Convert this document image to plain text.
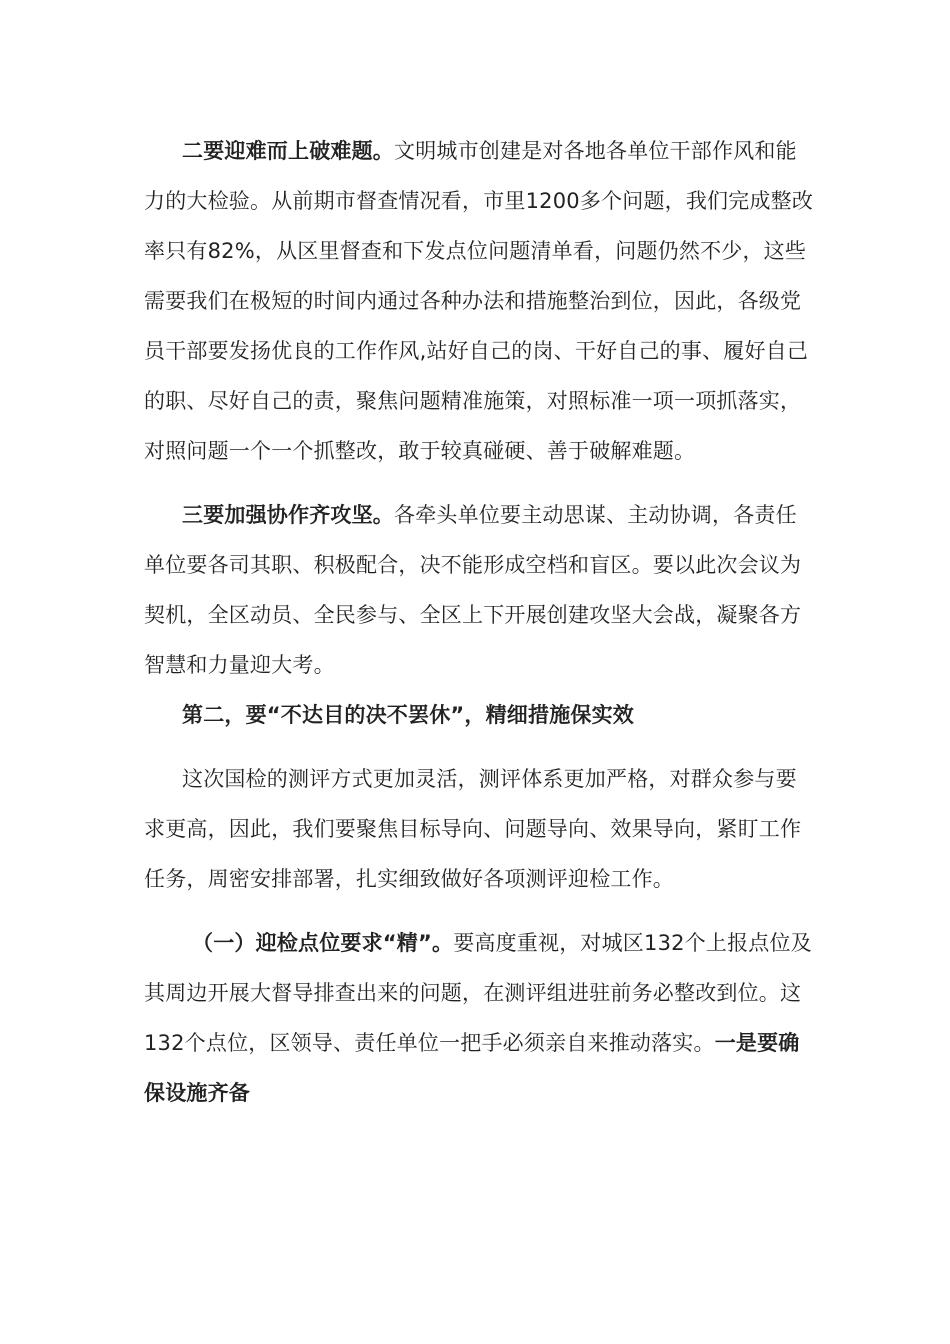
二要迎难而上破难题。文明城市创建是对各地各单位干部作风和能力的大检验。从前期市督查情况看，市里1200多个问题，我们完成整改率只有82%，从区里督查和下发点位问题清单看，问题仍然不少，这些需要我们在极短的时间内通过各种办法和措施整治到位，因此，各级党员干部要发扬优良的工作作风,站好自己的岗、干好自己的事、履好自己的职、尽好自己的责，聚焦问题精准施策，对照标准一项一项抓落实，对照问题一个一个抓整改，敢于较真碰硬、善于破解难题。

三要加强协作齐攻坚。各牵头单位要主动思谋、主动协调，各责任单位要各司其职、积极配合，决不能形成空档和盲区。要以此次会议为契机，全区动员、全民参与、全区上下开展创建攻坚大会战，凝聚各方智慧和力量迎大考。

第二，要“不达目的决不罢休”，精细措施保实效

这次国检的测评方式更加灵活，测评体系更加严格，对群众参与要求更高，因此，我们要聚焦目标导向、问题导向、效果导向，紧盯工作任务，周密安排部署，扎实细致做好各项测评迎检工作。

（一）迎检点位要求“精”。要高度重视，对城区132个上报点位及其周边开展大督导排查出来的问题，在测评组进驻前务必整改到位。这132个点位，区领导、责任单位一把手必须亲自来推动落实。一是要确保设施齐备
